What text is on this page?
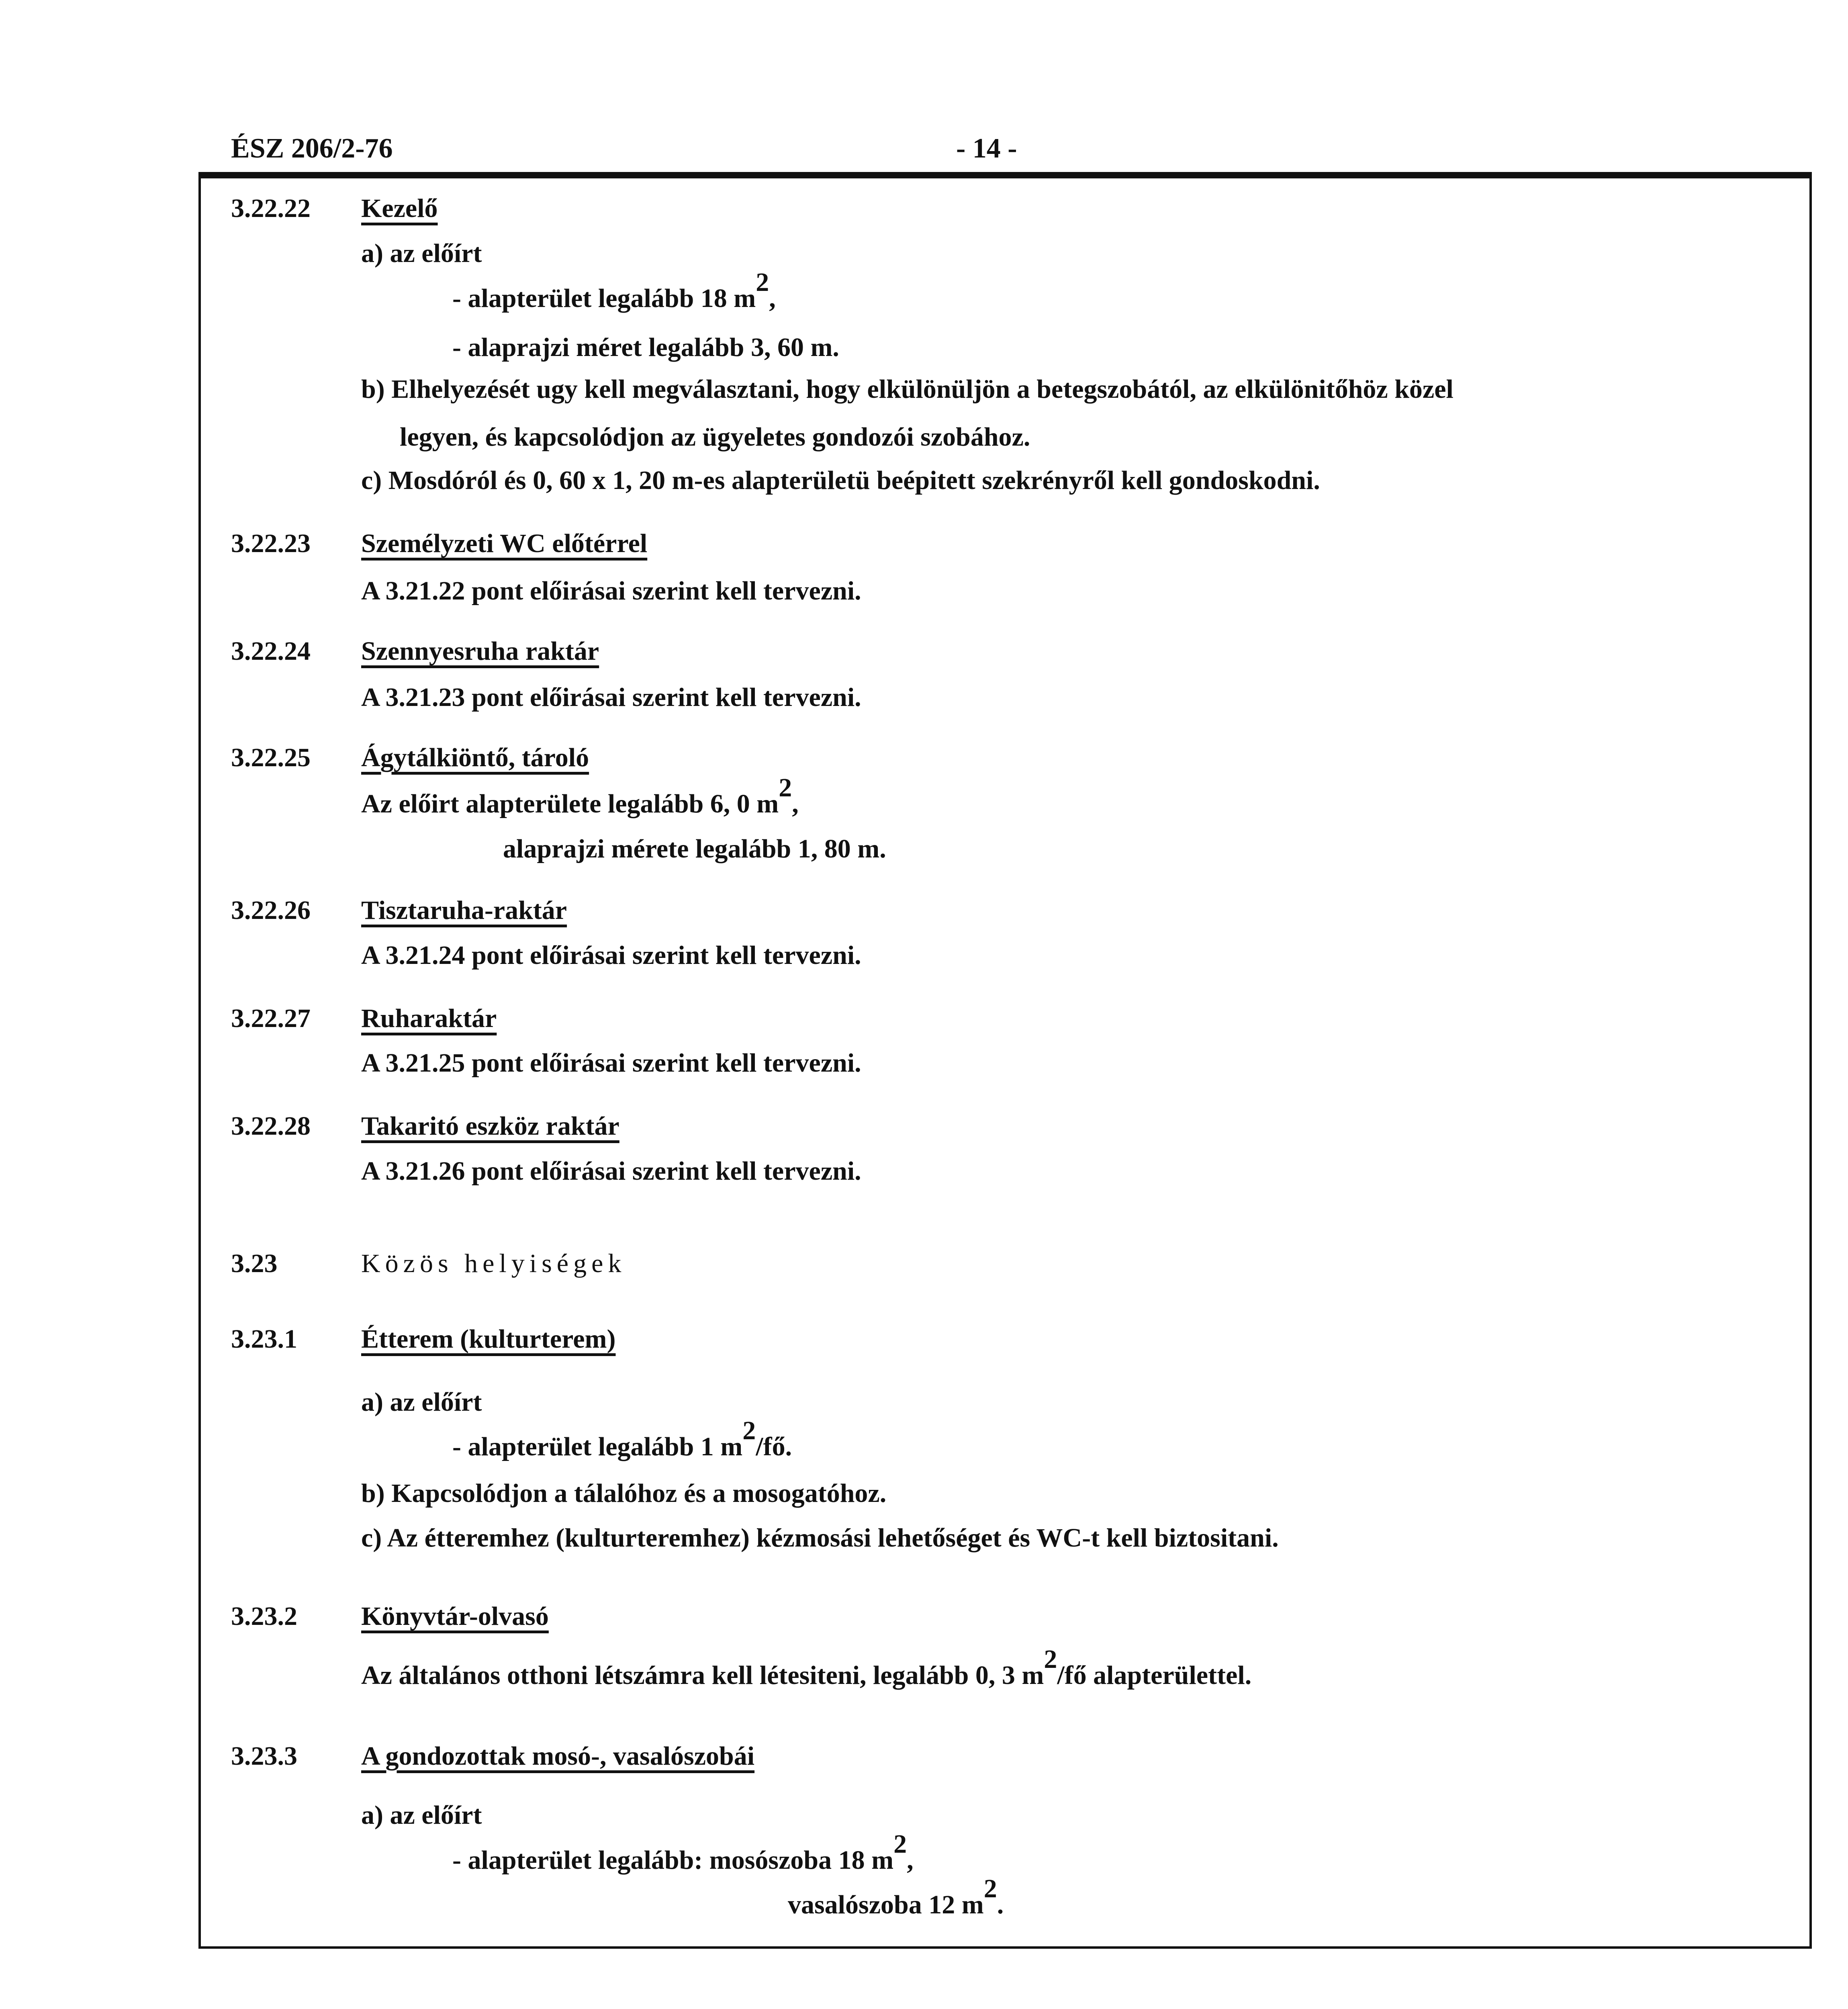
ÉSZ 206/2-76	- 14 -
3.22.22 Kezelő
a) az előírt
- alapterület legalább 18 m2,
- alaprajzi méret legalább 3, 60 m.
b) Elhelyezését ugy kell megválasztani, hogy elkülönüljön a betegszobától, az elkülönitőhöz közel
legyen, és kapcsolódjon az ügyeletes gondozói szobához.
c) Mosdóról és 0, 60 x 1, 20 m-es alapterületü beépitett szekrényről kell gondoskodni.
3.22.23 Személyzeti WC előtérrel
A 3.21.22 pont előirásai szerint kell tervezni.
3.22.24 Szennyesruha raktár
A 3.21.23 pont előirásai szerint kell tervezni.
3.22.25 Ágytálkiöntő, tároló
Az előirt alapterülete legalább 6, 0 m2,
alaprajzi mérete legalább 1, 80 m.
3.22.26 Tisztaruha-raktár
A 3.21.24 pont előirásai szerint kell tervezni.
3.22.27 Ruharaktár
A 3.21.25 pont előirásai szerint kell tervezni.
3.22.28 Takaritó eszköz raktár
A 3.21.26 pont előirásai szerint kell tervezni.
3.23	Közös helyiségek
3.23.1 Étterem (kulturterem)
a) az előírt
- alapterület legalább 1 m2/fő.
b) Kapcsolódjon a tálalóhoz és a mosogatóhoz.
c) Az étteremhez (kulturteremhez) kézmosási lehetőséget és WC-t kell biztositani.
3.23.2 Könyvtár-olvasó
Az általános otthoni létszámra kell létesiteni, legalább 0, 3 m2/fő alapterülettel.
3.23.3 A gondozottak mosó-, vasalószobái
a) az előírt
- alapterület legalább: mosószoba 18 m2,
vasalószoba 12 m2.
